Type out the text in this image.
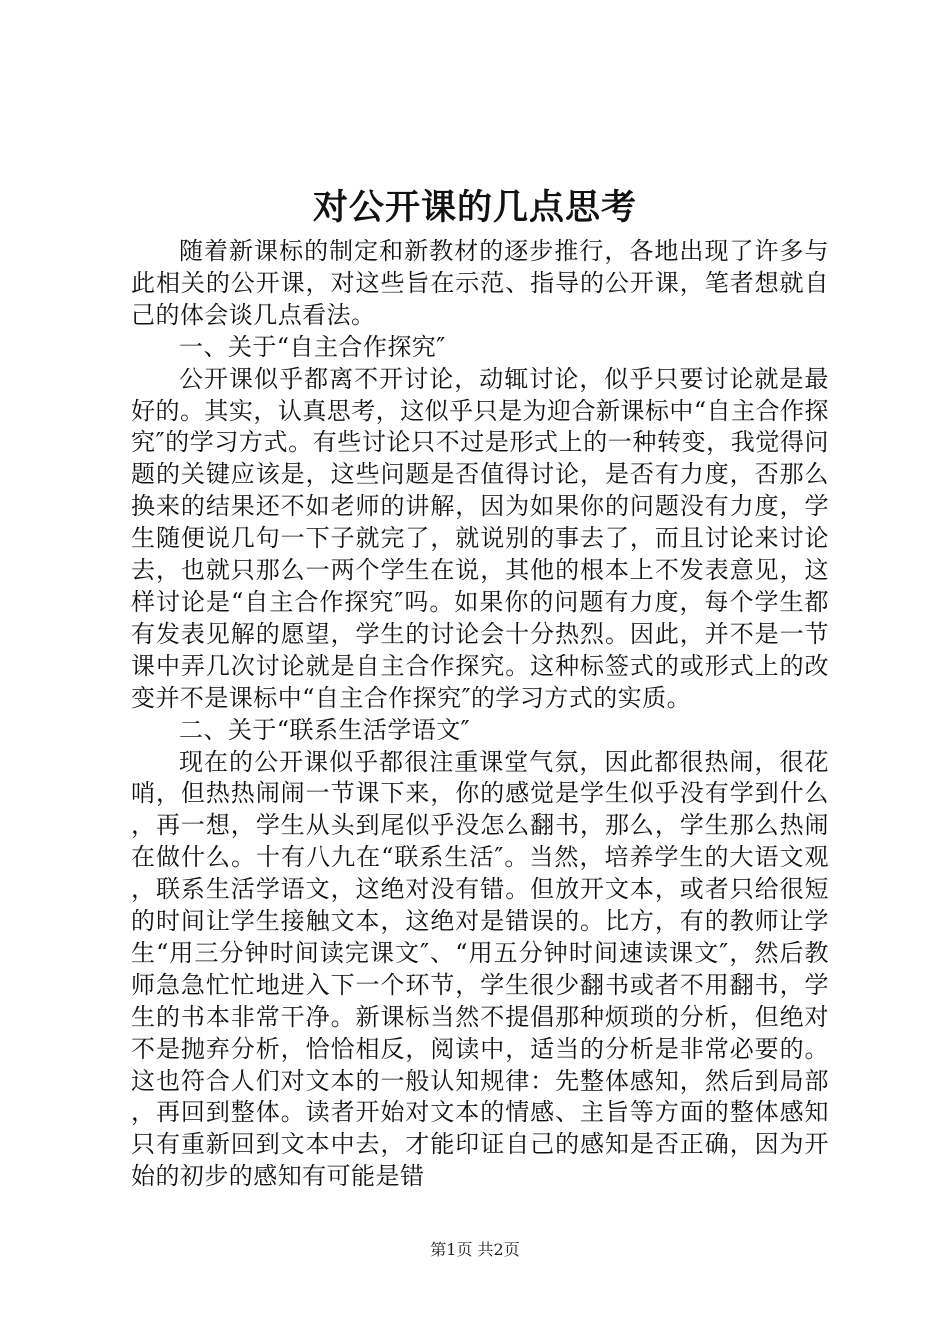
对公开课的几点思考

随着新课标的制定和新教材的逐步推行，各地出现了许多与此相关的公开课，对这些旨在示范、指导的公开课，笔者想就自己的体会谈几点看法。

一、关于“自主合作探究″

公开课似乎都离不开讨论，动辄讨论，似乎只要讨论就是最好的。其实，认真思考，这似乎只是为迎合新课标中“自主合作探究″的学习方式。有些讨论只不过是形式上的一种转变，我觉得问题的关键应该是，这些问题是否值得讨论，是否有力度，否那么换来的结果还不如老师的讲解，因为如果你的问题没有力度，学生随便说几句一下子就完了，就说别的事去了，而且讨论来讨论去，也就只那么一两个学生在说，其他的根本上不发表意见，这样讨论是“自主合作探究″吗。如果你的问题有力度，每个学生都有发表见解的愿望，学生的讨论会十分热烈。因此，并不是一节课中弄几次讨论就是自主合作探究。这种标签式的或形式上的改变并不是课标中“自主合作探究″的学习方式的实质。

二、关于“联系生活学语文″

现在的公开课似乎都很注重课堂气氛，因此都很热闹，很花哨，但热热闹闹一节课下来，你的感觉是学生似乎没有学到什么，再一想，学生从头到尾似乎没怎么翻书，那么，学生那么热闹在做什么。十有八九在“联系生活″。当然，培养学生的大语文观，联系生活学语文，这绝对没有错。但放开文本，或者只给很短的时间让学生接触文本，这绝对是错误的。比方，有的教师让学生“用三分钟时间读完课文″、“用五分钟时间速读课文″，然后教师急急忙忙地进入下一个环节，学生很少翻书或者不用翻书，学生的书本非常干净。新课标当然不提倡那种烦琐的分析，但绝对不是抛弃分析，恰恰相反，阅读中，适当的分析是非常必要的。这也符合人们对文本的一般认知规律：先整体感知，然后到局部，再回到整体。读者开始对文本的情感、主旨等方面的整体感知只有重新回到文本中去，才能印证自己的感知是否正确，因为开始的初步的感知有可能是错

第1页 共2页
